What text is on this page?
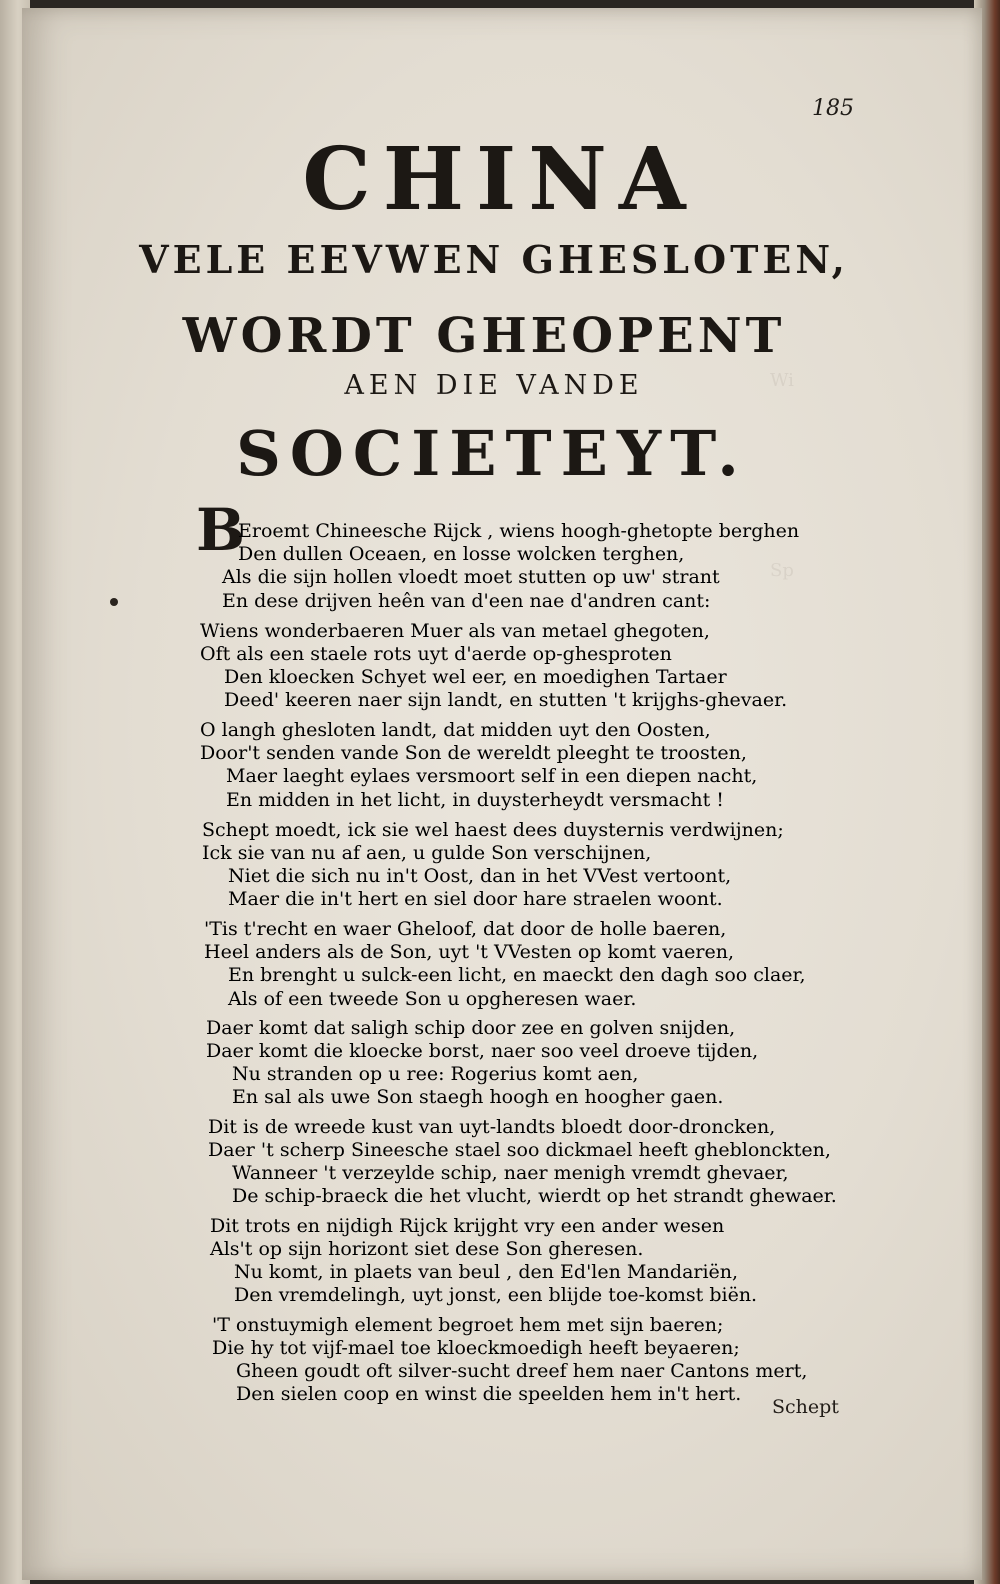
Wi
Sp
185
CHINA
VELE EEVWEN GHESLOTEN,
WORDT GHEOPENT
AEN DIE VANDE
SOCIETEYT.
B
Eroemt Chineesche Rijck , wiens hoogh-ghetopte berghen
Den dullen Oceaen, en losse wolcken terghen,
Als die sijn hollen vloedt moet stutten op uw' strant
En dese drijven heên van d'een nae d'andren cant:
Wiens wonderbaeren Muer als van metael ghegoten,
Oft als een staele rots uyt d'aerde op-ghesproten
Den kloecken Schyet wel eer, en moedighen Tartaer
Deed' keeren naer sijn landt, en stutten 't krijghs-ghevaer.
O langh ghesloten landt, dat midden uyt den Oosten,
Door't senden vande Son de wereldt pleeght te troosten,
Maer laeght eylaes versmoort self in een diepen nacht,
En midden in het licht, in duysterheydt versmacht !
Schept moedt, ick sie wel haest dees duysternis verdwijnen;
Ick sie van nu af aen, u gulde Son verschijnen,
Niet die sich nu in't Oost, dan in het VVest vertoont,
Maer die in't hert en siel door hare straelen woont.
'Tis t'recht en waer Gheloof, dat door de holle baeren,
Heel anders als de Son, uyt 't VVesten op komt vaeren,
En brenght u sulck-een licht, en maeckt den dagh soo claer,
Als of een tweede Son u opgheresen waer.
Daer komt dat saligh schip door zee en golven snijden,
Daer komt die kloecke borst, naer soo veel droeve tijden,
Nu stranden op u ree: Rogerius komt aen,
En sal als uwe Son staegh hoogh en hoogher gaen.
Dit is de wreede kust van uyt-landts bloedt door-droncken,
Daer 't scherp Sineesche stael soo dickmael heeft gheblonckten,
Wanneer 't verzeylde schip, naer menigh vremdt ghevaer,
De schip-braeck die het vlucht, wierdt op het strandt ghewaer.
Dit trots en nijdigh Rijck krijght vry een ander wesen
Als't op sijn horizont siet dese Son gheresen.
Nu komt, in plaets van beul , den Ed'len Mandariën,
Den vremdelingh, uyt jonst, een blijde toe-komst biën.
'T onstuymigh element begroet hem met sijn baeren;
Die hy tot vijf-mael toe kloeckmoedigh heeft beyaeren;
Gheen goudt oft silver-sucht dreef hem naer Cantons mert,
Den sielen coop en winst die speelden hem in't hert.
Schept
